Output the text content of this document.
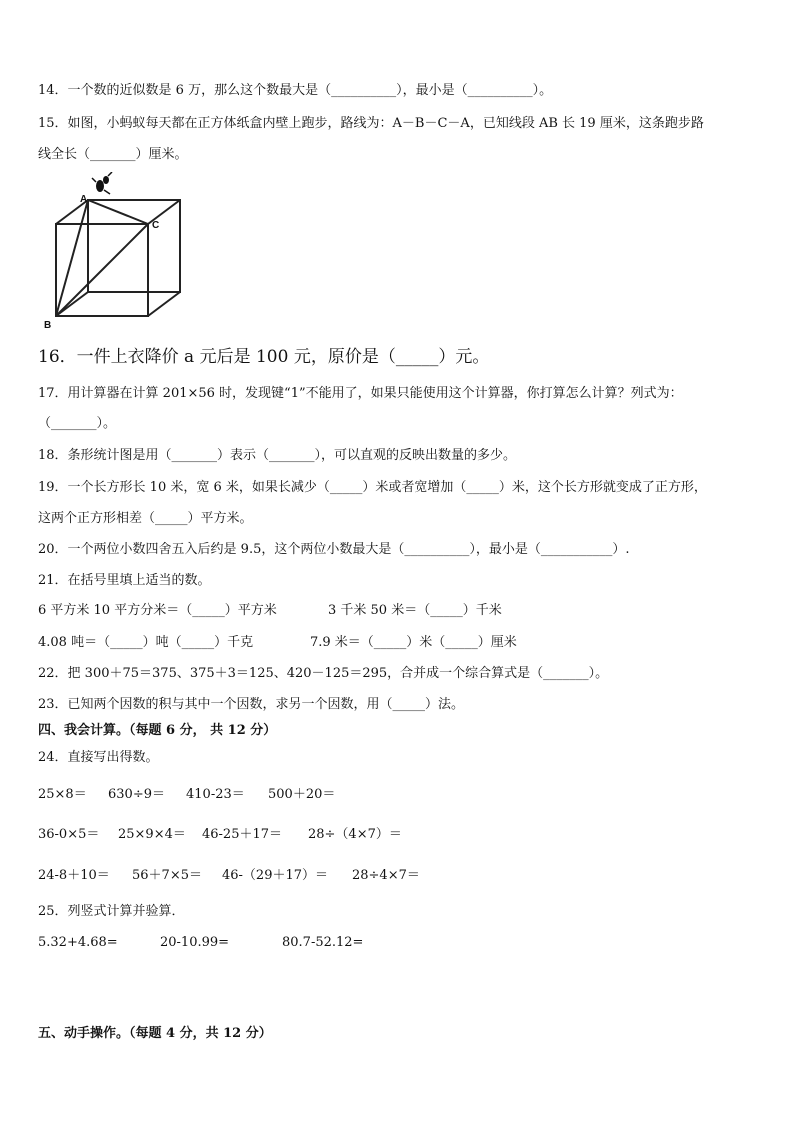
14．一个数的近似数是 6 万，那么这个数最大是（__________），最小是（__________）。
15．如图，小蚂蚁每天都在正方体纸盒内壁上跑步，路线为：A－B－C－A，已知线段 AB 长 19 厘米，这条跑步路
线全长（_______）厘米。
A
B
C
16．一件上衣降价 a 元后是 100 元，原价是（_____）元。
17．用计算器在计算 201×56 时，发现键“1”不能用了，如果只能使用这个计算器，你打算怎么计算？列式为：
（_______）。
18．条形统计图是用（_______）表示（_______），可以直观的反映出数量的多少。
19．一个长方形长 10 米，宽 6 米，如果长减少（_____）米或者宽增加（_____）米，这个长方形就变成了正方形，
这两个正方形相差（_____）平方米。
20．一个两位小数四舍五入后约是 9.5，这个两位小数最大是（__________），最小是（___________）.
21．在括号里填上适当的数。
6 平方米 10 平方分米＝（_____）平方米	3 千米 50 米＝（_____）千米
4.08 吨＝（_____）吨（_____）千克	7.9 米＝（_____）米（_____）厘米
22．把 300＋75＝375、375＋3＝125、420－125＝295，合并成一个综合算式是（_______）。
23．已知两个因数的积与其中一个因数，求另一个因数，用（_____）法。
四、我会计算。（每题 6 分， 共 12 分）
24．直接写出得数。
25×8＝ 630÷9＝ 410-23＝ 500＋20＝
36-0×5＝ 25×9×4＝ 46-25＋17＝ 28÷（4×7）＝
24-8＋10＝ 56＋7×5＝ 46-（29＋17）＝ 28÷4×7＝
25．列竖式计算并验算．
5.32+4.68=	20-10.99=	80.7-52.12=
五、动手操作。（每题 4 分，共 12 分）
